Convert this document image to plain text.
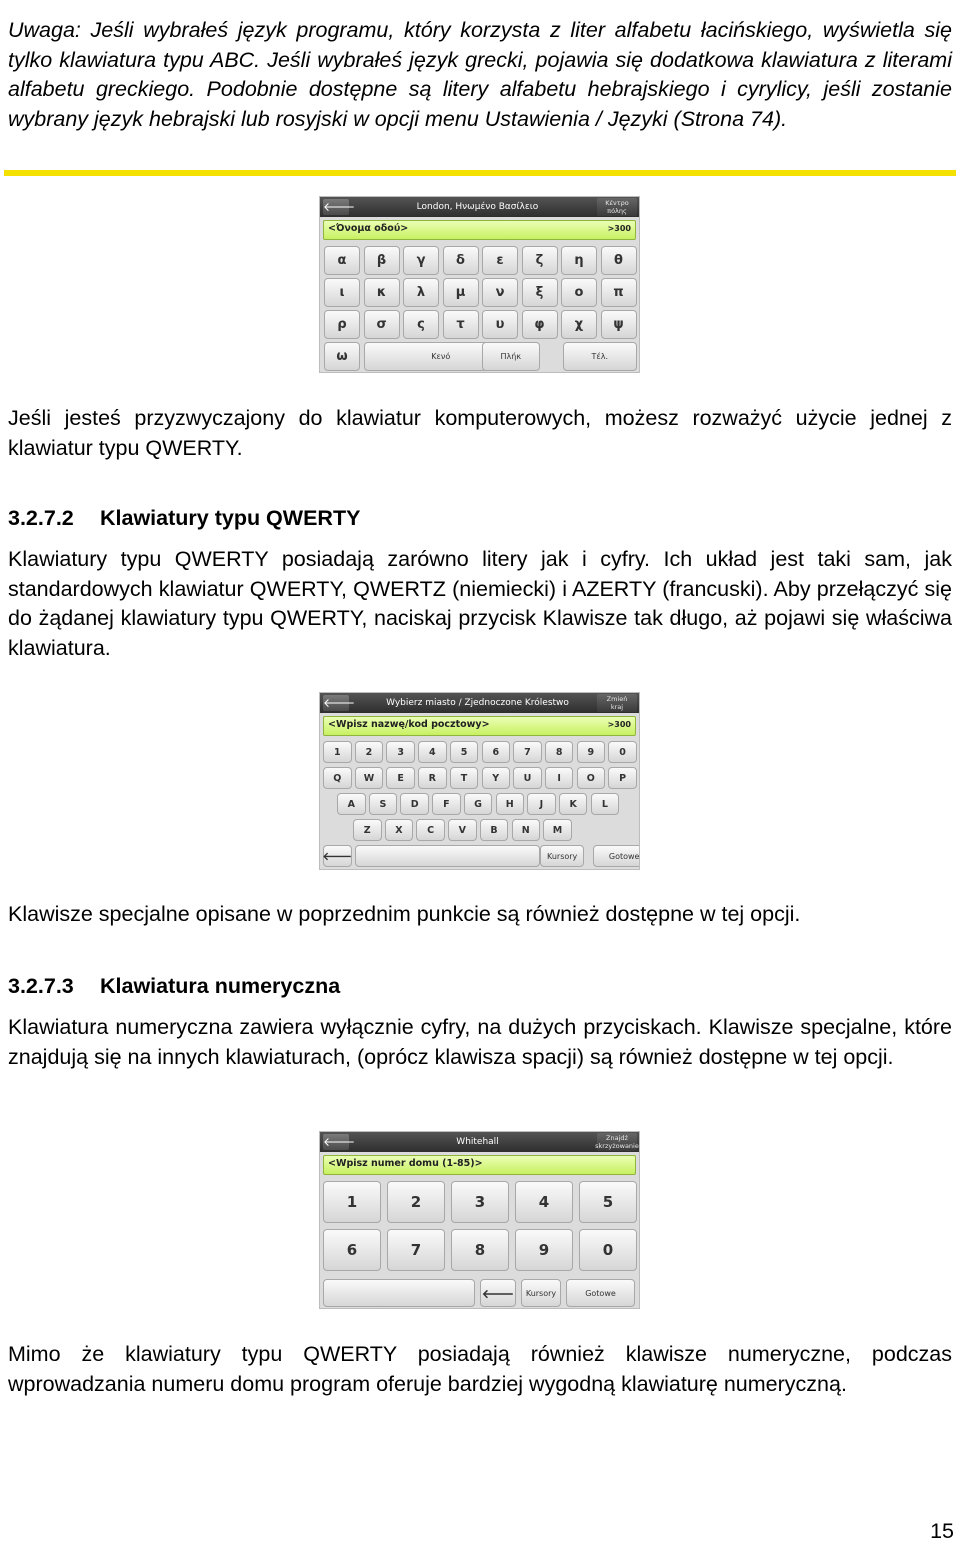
Uwaga: Jeśli wybrałeś język programu, który korzysta z liter alfabetu łacińskiego, wyświetla się tylko klawiatura typu ABC. Jeśli wybrałeś język grecki, pojawia się dodatkowa klawiatura z literami alfabetu greckiego. Podobnie dostępne są litery alfabetu hebrajskiego i cyrylicy, jeśli zostanie wybrany język hebrajski lub rosyjski w opcji menu Ustawienia / Języki (Strona 74).

🡐	London, Ηνωμένο Βασίλειο	Κέντρο
πόλης
<Όνομα οδού>	>300
α	β	γ	δ	ε	ζ	η	θ
ι	κ	λ	μ	ν	ξ	ο	π
ρ	σ	ς	τ	υ	φ	χ	ψ
ω	Κενό	Πλήκ	Τέλ.

Jeśli jesteś przyzwyczajony do klawiatur komputerowych, możesz rozważyć użycie jednej z klawiatur typu QWERTY.

3.2.7.2 Klawiatury typu QWERTY

Klawiatury typu QWERTY posiadają zarówno litery jak i cyfry. Ich układ jest taki sam, jak standardowych klawiatur QWERTY, QWERTZ (niemiecki) i AZERTY (francuski). Aby przełączyć się do żądanej klawiatury typu QWERTY, naciskaj przycisk Klawisze tak długo, aż pojawi się właściwa klawiatura.

🡐	Wybierz miasto / Zjednoczone Królestwo	Zmień
kraj
<Wpisz nazwę/kod pocztowy>	>300
1	2	3	4	5	6	7	8	9	0
Q	W	E	R	T	Y	U	I	O	P
A	S	D	F	G	H	J	K	L
Z	X	C	V	B	N	M
🡐	Kursory	Gotowe

Klawisze specjalne opisane w poprzednim punkcie są również dostępne w tej opcji.

3.2.7.3 Klawiatura numeryczna

Klawiatura numeryczna zawiera wyłącznie cyfry, na dużych przyciskach. Klawisze specjalne, które znajdują się na innych klawiaturach, (oprócz klawisza spacji) są również dostępne w tej opcji.

🡐	Whitehall	Znajdź
skrzyżowanie
<Wpisz numer domu (1-85)>
1	2	3	4	5
6	7	8	9	0
🡐	Kursory	Gotowe

Mimo że klawiatury typu QWERTY posiadają również klawisze numeryczne, podczas wprowadzania numeru domu program oferuje bardziej wygodną klawiaturę numeryczną.

15
